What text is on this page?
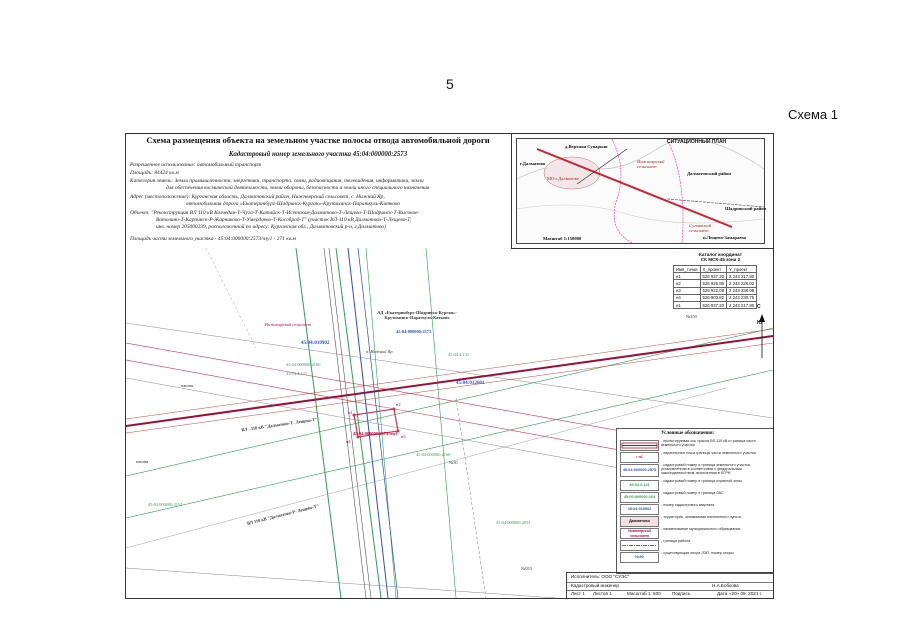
5
Схема 1
Схема размещения объекта на земельном участке полосы отвода автомобильной дороги
Кадастровый номер земельного участка 45:04:000000:2573
Разрешенное использование: автомобильный транспорт
Площадь: 84424 кв.м
Категория земель: Земли промышленности, энергетики, транспорта, связи, радиовещания, телевидения, информатики, земли
для обеспечения космической деятельности, земли обороны, безопасности и земли иного специального назначения
Адрес (местоположение): Курганская область, Далматовский район, Нижнеярский сельсовет, с. Нижний Яр,
автомобильная дорога «Екатеринбург-Шадринск-Курган»-Крутихинск-Параткуль-Катково
Объект: "Реконструкция ВЛ 110 кВ Колчедан-Т-Чуга-Т-Катайск-Т-Исетская-Далматово-Т-Лещево-Т-Шадринск-Т-Высокое-
Ватолино-Т-Карпинск-Р-Жарниково-Т-Умердаево-Т-Кособрод-Т" (участок ВЛ-110 кВ Далматово-Т-Лещево-Т,
инв. номер 205000239, расположенной по адресу: Курганская обл., Далматовский р-н, г.Далматово)
Площадь части земельного участка - 45:04:000000:2573/чзу1 - 271 кв.м
СИТУАЦИОННЫЙ ПЛАН
д.Верхняя Суварыш
г.Далматово
МО г.Далматово
Нижнеярский сельсовет
Далматовский район
Шадринский район
Сугоякский сельсовет
п.Лещево-Замараево
Масштаб 1:150000
Нижнеярский сельсовет
АД «Екатеринбург-Шадринск-Курган»-Крутихинск-Параткуль-Катково
45:04:000000:2573
45:04:010902
45:04:012601
ВЛ - 110 кВ "Далматово-Т- Лещево-Т"
ВЛ 110 кВ "Далматово-Р- Лещево-Т"
пашня
пашня
45:04:000000:2154
45:04:000000:2054
45:04:000000:2160
45:04:000000:2168
45:04:000000:2573/чзу1
н1
н2
н3
н4
№350
№053
№50
п. Нижний Яр
45:04:4.121
45:04:4.131
Каталог координат
СК МСК-45 зона 2
Имя_точки	X_проект	Y_проект
н1	526 937.20	2 243 217.80
н2	526 926.86	2 243 226.02
н3	526 922.08	2 243 238.08
н4	526 903.82	2 243 230.75
н1	526 937.20	2 243 217.80 С
Ю
Условные обозначения:
- проектируемая ось трассы ВЛ-110 кВ и граница части земельного участка
• н1
- характерная точка границы части земельного участка
45:04:000000:2573
- кадастровый номер и граница земельного участка, установленная в соответствии с федеральным законодательством, включенная в ЕГРН
45:04-6.121
- кадастровый номер и граница охранной зоны
45:00:000000:264
- кадастровый номер и граница ОКС
45:04:010902
- номер кадастрового квартала
Далматово
- территория, занимаемая населенного пункта
Нижнеярский сельсовет
- наименование муниципального образования
- граница района
№50
- существующая опора ЛЭП, номер опоры
Исполнитель: ООО "СУЭС"
Кадастровый инженер	Н.А.Бобкова
Лист 1 Листов 1	Масштаб 1: 500 Подпись	Дата «20» 09. 2021 г.
